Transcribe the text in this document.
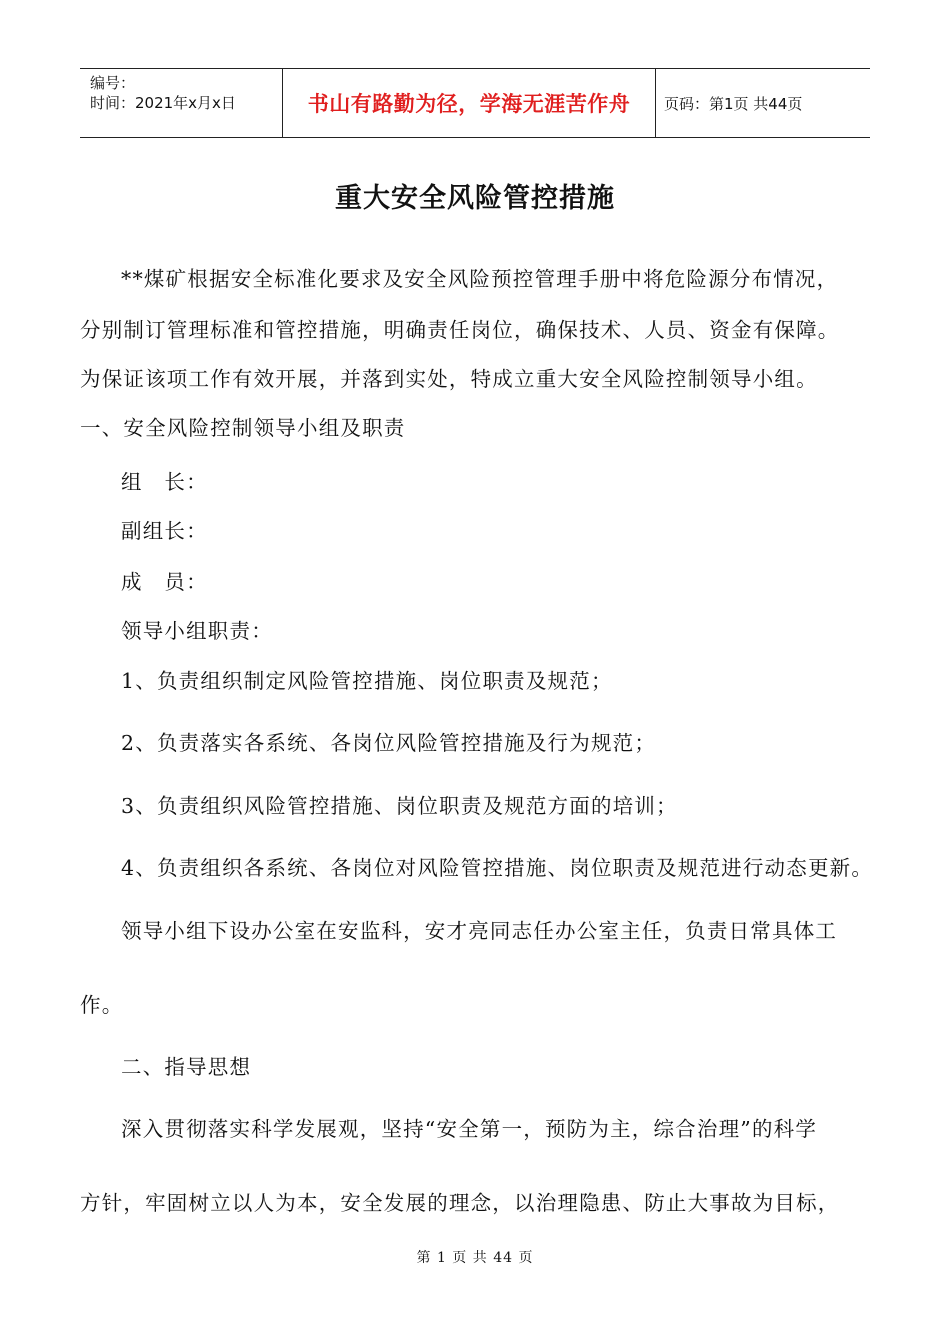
编号：
时间：2021年x月x日	书山有路勤为径，学海无涯苦作舟	页码：第1页 共44页
重大安全风险管控措施
**煤矿根据安全标准化要求及安全风险预控管理手册中将危险源分布情况，
分别制订管理标准和管控措施，明确责任岗位，确保技术、人员、资金有保障。
为保证该项工作有效开展，并落到实处，特成立重大安全风险控制领导小组。
一、安全风险控制领导小组及职责
组　长：
副组长：
成　员：
领导小组职责：
1、负责组织制定风险管控措施、岗位职责及规范；
2、负责落实各系统、各岗位风险管控措施及行为规范；
3、负责组织风险管控措施、岗位职责及规范方面的培训；
4、负责组织各系统、各岗位对风险管控措施、岗位职责及规范进行动态更新。
领导小组下设办公室在安监科，安才亮同志任办公室主任，负责日常具体工
作。
二、指导思想
深入贯彻落实科学发展观，坚持“安全第一，预防为主，综合治理”的科学
方针，牢固树立以人为本，安全发展的理念，以治理隐患、防止大事故为目标，
第 1 页 共 44 页
